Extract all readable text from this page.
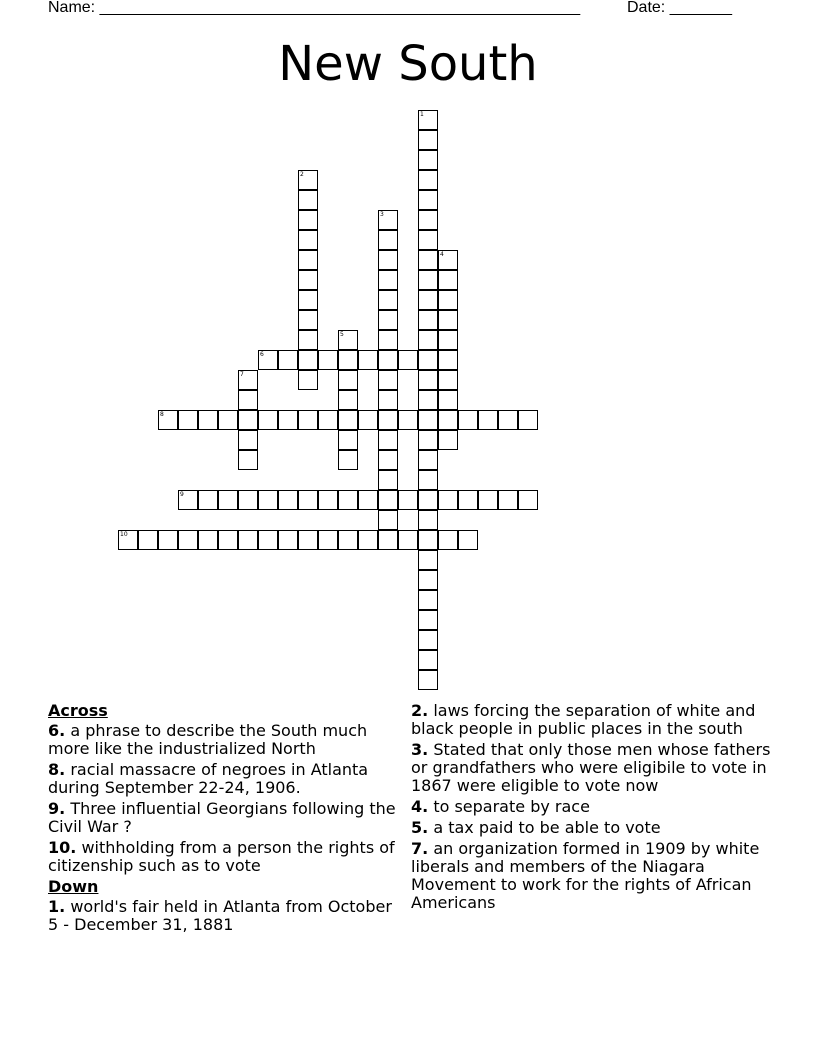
Name: ______________________________________________________	Date: _______
New South
1
2
3
4
5
6
7
8
9
10
Across
6. a phrase to describe the South much more like the industrialized North
8. racial massacre of negroes in Atlanta during September 22-24, 1906.
9. Three influential Georgians following the Civil War ?
10. withholding from a person the rights of citizenship such as to vote
Down
1. world's fair held in Atlanta from October 5 - December 31, 1881
2. laws forcing the separation of white and black people in public places in the south
3. Stated that only those men whose fathers or grandfathers who were eligibile to vote in 1867 were eligible to vote now
4. to separate by race
5. a tax paid to be able to vote
7. an organization formed in 1909 by white liberals and members of the Niagara Movement to work for the rights of African Americans
